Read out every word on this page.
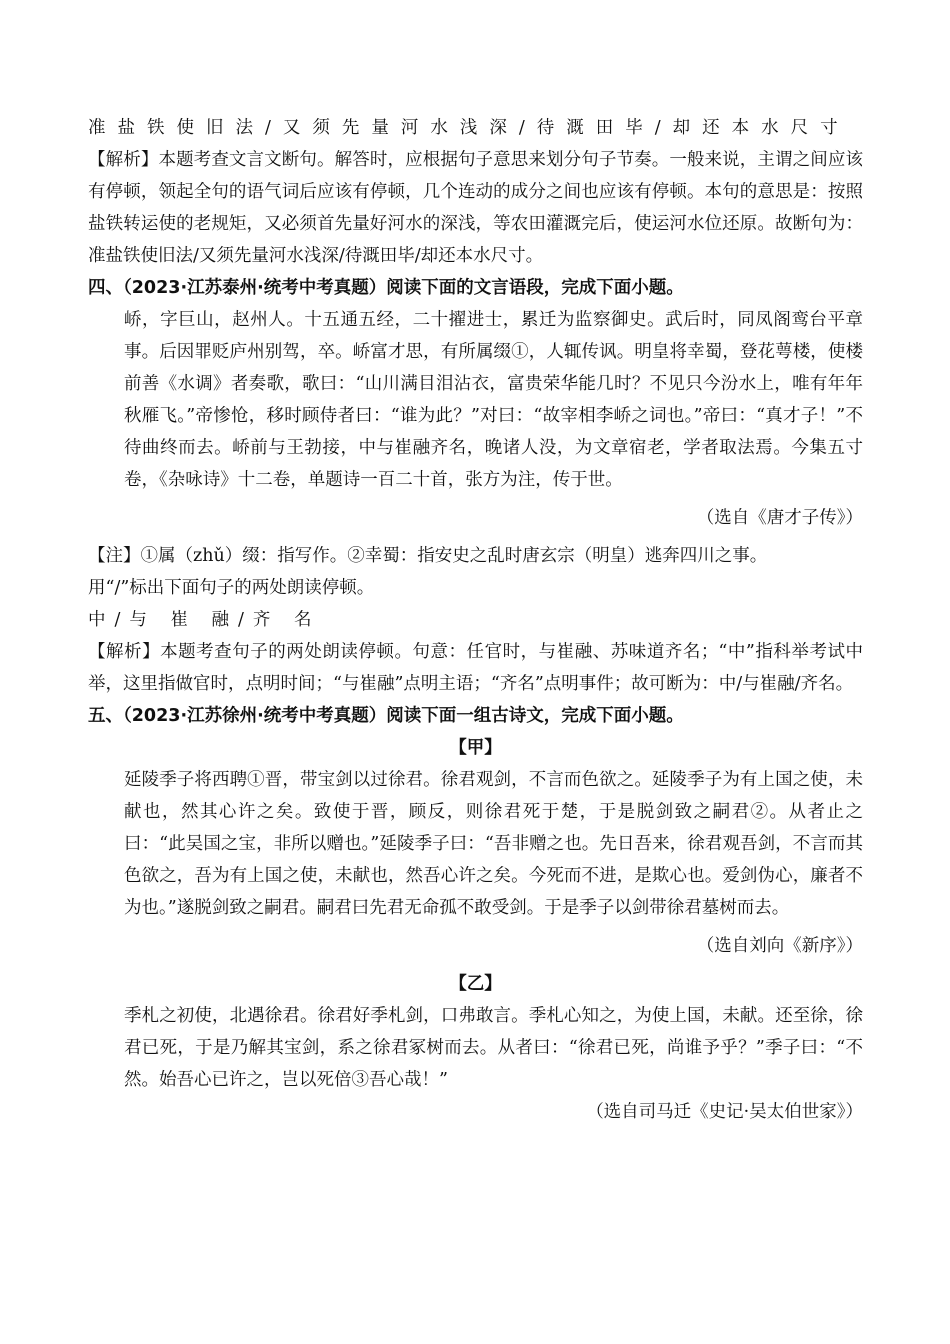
准盐铁使旧法/又须先量河水浅深/待溉田毕/却还本水尺寸
【解析】本题考查文言文断句。解答时，应根据句子意思来划分句子节奏。一般来说，主谓之间应该有停顿，领起全句的语气词后应该有停顿，几个连动的成分之间也应该有停顿。本句的意思是：按照盐铁转运使的老规矩，又必须首先量好河水的深浅，等农田灌溉完后，使运河水位还原。故断句为：准盐铁使旧法/又须先量河水浅深/待溉田毕/却还本水尺寸。
四、（2023·江苏泰州·统考中考真题）阅读下面的文言语段，完成下面小题。
峤，字巨山，赵州人。十五通五经，二十擢进士，累迁为监察御史。武后时，同凤阁鸾台平章事。后因罪贬庐州别驾，卒。峤富才思，有所属缀①，人辄传讽。明皇将幸蜀，登花萼楼，使楼前善《水调》者奏歌，歌曰：“山川满目泪沾衣，富贵荣华能几时？不见只今汾水上，唯有年年秋雁飞。”帝惨怆，移时顾侍者曰：“谁为此？”对曰：“故宰相李峤之词也。”帝曰：“真才子！”不待曲终而去。峤前与王勃接，中与崔融齐名，晚诸人没，为文章宿老，学者取法焉。今集五寸卷，《杂咏诗》十二卷，单题诗一百二十首，张方为注，传于世。
（选自《唐才子传》）
【注】①属（zhǔ）缀：指写作。②幸蜀：指安史之乱时唐玄宗（明皇）逃奔四川之事。
用“/”标出下面句子的两处朗读停顿。
中/与 崔 融/齐 名
【解析】本题考查句子的两处朗读停顿。句意：任官时，与崔融、苏味道齐名；“中”指科举考试中举，这里指做官时，点明时间；“与崔融”点明主语；“齐名”点明事件；故可断为：中/与崔融/齐名。
五、（2023·江苏徐州·统考中考真题）阅读下面一组古诗文，完成下面小题。
【甲】
延陵季子将西聘①晋，带宝剑以过徐君。徐君观剑，不言而色欲之。延陵季子为有上国之使，未献也，然其心许之矣。致使于晋，顾反，则徐君死于楚，于是脱剑致之嗣君②。从者止之曰：“此吴国之宝，非所以赠也。”延陵季子曰：“吾非赠之也。先日吾来，徐君观吾剑，不言而其色欲之，吾为有上国之使，未献也，然吾心许之矣。今死而不进，是欺心也。爱剑伪心，廉者不为也。”遂脱剑致之嗣君。嗣君曰先君无命孤不敢受剑。于是季子以剑带徐君墓树而去。
（选自刘向《新序》）
【乙】
季札之初使，北遇徐君。徐君好季札剑，口弗敢言。季札心知之，为使上国，未献。还至徐，徐君已死，于是乃解其宝剑，系之徐君冢树而去。从者曰：“徐君已死，尚谁予乎？”季子曰：“不然。始吾心已许之，岂以死倍③吾心哉！”
（选自司马迁《史记·吴太伯世家》）
